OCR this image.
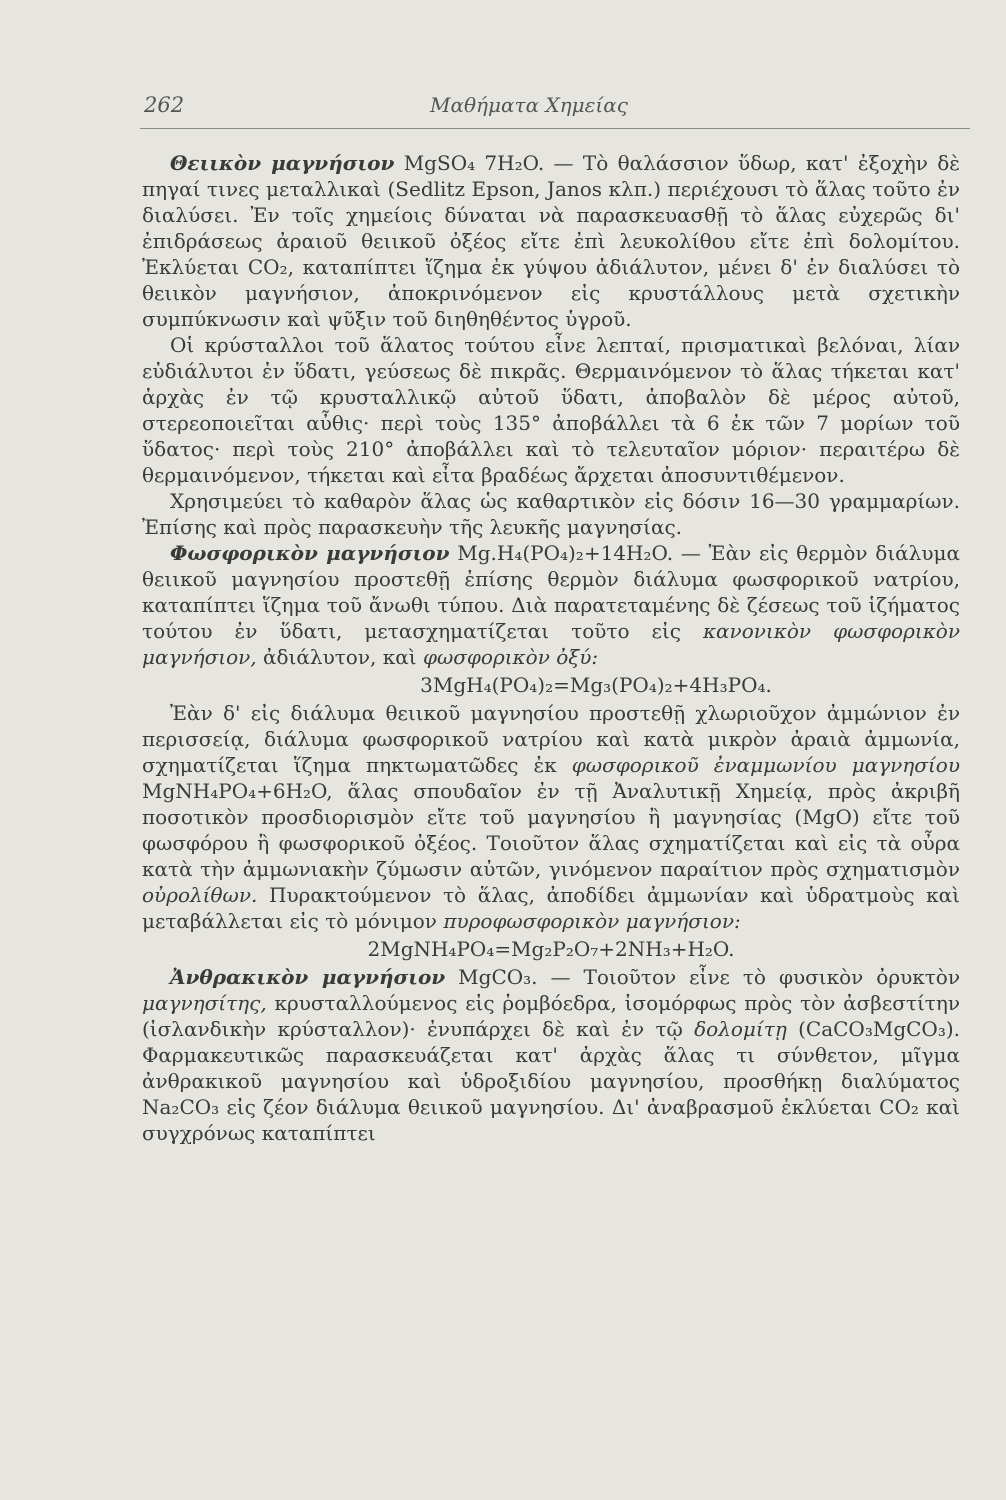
262	Μαθήματα Χημείας

Θειικὸν μαγνήσιον MgSO₄ 7H₂O. — Τὸ θαλάσσιον ὕδωρ, κατ' ἐξοχὴν δὲ πηγαί τινες μεταλλικαὶ (Sedlitz Epson, Janos κλπ.) περιέχουσι τὸ ἅλας τοῦτο ἐν διαλύσει. Ἐν τοῖς χημείοις δύναται νὰ παρασκευασθῇ τὸ ἅλας εὐχερῶς δι' ἐπιδράσεως ἀραιοῦ θειικοῦ ὀξέος εἴτε ἐπὶ λευκολίθου εἴτε ἐπὶ δολομίτου. Ἐκλύεται CO₂, καταπίπτει ἵζημα ἐκ γύψου ἀδιάλυτον, μένει δ' ἐν διαλύσει τὸ θειικὸν μαγνήσιον, ἀποκρινόμενον εἰς κρυστάλλους μετὰ σχετικὴν συμπύκνωσιν καὶ ψῦξιν τοῦ διηθηθέντος ὑγροῦ.

Οἱ κρύσταλλοι τοῦ ἅλατος τούτου εἶνε λεπταί, πρισματικαὶ βελόναι, λίαν εὐδιάλυτοι ἐν ὕδατι, γεύσεως δὲ πικρᾶς. Θερμαινόμενον τὸ ἅλας τήκεται κατ' ἀρχὰς ἐν τῷ κρυσταλλικῷ αὐτοῦ ὕδατι, ἀποβαλὸν δὲ μέρος αὐτοῦ, στερεοποιεῖται αὖθις· περὶ τοὺς 135° ἀποβάλλει τὰ 6 ἐκ τῶν 7 μορίων τοῦ ὕδατος· περὶ τοὺς 210° ἀποβάλλει καὶ τὸ τελευταῖον μόριον· περαιτέρω δὲ θερμαινόμενον, τήκεται καὶ εἶτα βραδέως ἄρχεται ἀποσυντιθέμενον.

Χρησιμεύει τὸ καθαρὸν ἅλας ὡς καθαρτικὸν εἰς δόσιν 16—30 γραμμαρίων. Ἐπίσης καὶ πρὸς παρασκευὴν τῆς λευκῆς μαγνησίας.

Φωσφορικὸν μαγνήσιον Mg.H₄(PO₄)₂+14H₂O. — Ἐὰν εἰς θερμὸν διάλυμα θειικοῦ μαγνησίου προστεθῇ ἐπίσης θερμὸν διάλυμα φωσφορικοῦ νατρίου, καταπίπτει ἵζημα τοῦ ἄνωθι τύπου. Διὰ παρατεταμένης δὲ ζέσεως τοῦ ἱζήματος τούτου ἐν ὕδατι, μετασχηματίζεται τοῦτο εἰς κανονικὸν φωσφορικὸν μαγνήσιον, ἀδιάλυτον, καὶ φωσφορικὸν ὀξύ:

3MgH₄(PO₄)₂=Mg₃(PO₄)₂+4H₃PO₄.

Ἐὰν δ' εἰς διάλυμα θειικοῦ μαγνησίου προστεθῇ χλωριοῦχον ἀμμώνιον ἐν περισσείᾳ, διάλυμα φωσφορικοῦ νατρίου καὶ κατὰ μικρὸν ἀραιὰ ἀμμωνία, σχηματίζεται ἵζημα πηκτωματῶδες ἐκ φωσφορικοῦ ἐναμμωνίου μαγνησίου MgNH₄PO₄+6H₂O, ἅλας σπουδαῖον ἐν τῇ Ἀναλυτικῇ Χημείᾳ, πρὸς ἀκριβῆ ποσοτικὸν προσδιορισμὸν εἴτε τοῦ μαγνησίου ἢ μαγνησίας (MgO) εἴτε τοῦ φωσφόρου ἢ φωσφορικοῦ ὀξέος. Τοιοῦτον ἅλας σχηματίζεται καὶ εἰς τὰ οὖρα κατὰ τὴν ἀμμωνιακὴν ζύμωσιν αὐτῶν, γινόμενον παραίτιον πρὸς σχηματισμὸν οὐρολίθων. Πυρακτούμενον τὸ ἅλας, ἀποδίδει ἀμμωνίαν καὶ ὑδρατμοὺς καὶ μεταβάλλεται εἰς τὸ μόνιμον πυροφωσφορικὸν μαγνήσιον:

2MgNH₄PO₄=Mg₂P₂O₇+2NH₃+H₂O.

Ἀνθρακικὸν μαγνήσιον MgCO₃. — Τοιοῦτον εἶνε τὸ φυσικὸν ὀρυκτὸν μαγνησίτης, κρυσταλλούμενος εἰς ῥομβόεδρα, ἰσομόρφως πρὸς τὸν ἀσβεστίτην (ἰσλανδικὴν κρύσταλλον)· ἐνυπάρχει δὲ καὶ ἐν τῷ δολομίτῃ (CaCO₃MgCO₃). Φαρμακευτικῶς παρασκευάζεται κατ' ἀρχὰς ἅλας τι σύνθετον, μῖγμα ἀνθρακικοῦ μαγνησίου καὶ ὑδροξιδίου μαγνησίου, προσθήκῃ διαλύματος Na₂CO₃ εἰς ζέον διάλυμα θειικοῦ μαγνησίου. Δι' ἀναβρασμοῦ ἐκλύεται CO₂ καὶ συγχρόνως καταπίπτει
